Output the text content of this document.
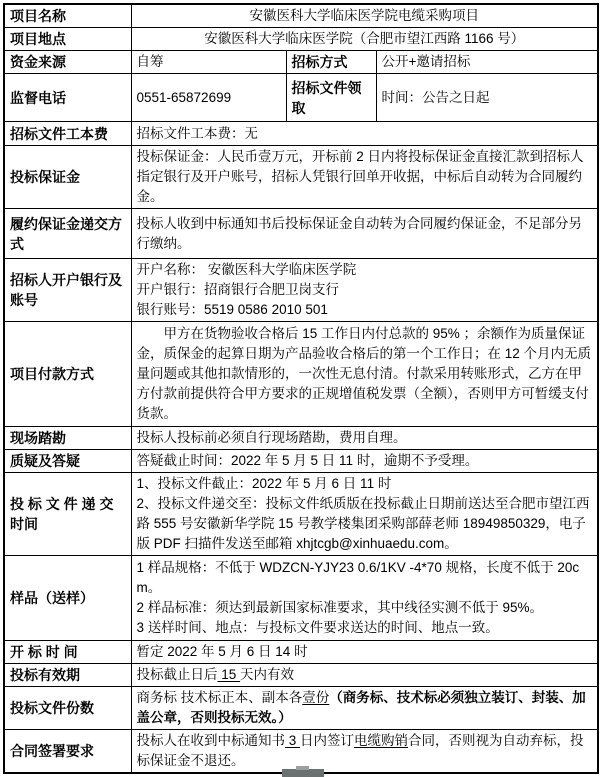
项目名称	安徽医科大学临床医学院电缆采购项目		
项目地点	安徽医科大学临床医学院（合肥市望江西路 1166 号）		
资金来源	自筹	招标方式	公开+邀请招标
监督电话	0551-65872699	招标文件领取	时间：公告之日起
招标文件工本费	招标文件工本费：无		
投标保证金	投标保证金：人民币壹万元，开标前 2 日内将投标保证金直接汇款到招标人指定银行及开户账号，招标人凭银行回单开收据，中标后自动转为合同履约金。		
履约保证金递交方式	投标人收到中标通知书后投标保证金自动转为合同履约保证金，不足部分另行缴纳。		
招标人开户银行及账号	开户名称： 安徽医科大学临床医学院
开户银行：招商银行合肥卫岗支行
银行账号：5519 0586 2010 501		

项目付款方式	甲方在货物验收合格后 15 工作日内付总款的 95% ；余额作为质量保证金，质保金的起算日期为产品验收合格后的第一个工作日；在 12 个月内无质量问题或其他扣款情形的，一次性无息付清。付款采用转账形式，乙方在甲方付款前提供符合甲方要求的正规增值税发票（全额），否则甲方可暂缓支付货款。		

现场踏勘	投标人投标前必须自行现场踏勘，费用自理。		
质疑及答疑	答疑截止时间：2022 年 5 月 5 日 11 时，逾期不予受理。		
投 标 文 件 递 交时间	1、投标文件截止：2022 年 5 月 6 日 11 时
2、投标文件递交至：投标文件纸质版在投标截止日期前送达至合肥市望江西路 555 号安徽新华学院 15 号教学楼集团采购部薛老师 18949850329，电子版 PDF 扫描件发送至邮箱 xhjtcgb@xinhuaedu.com。		

样品（送样）	1 样品规格：不低于 WDZCN-YJY23 0.6/1KV -4*70 规格，长度不低于 20cm。
2 样品标准：须达到最新国家标准要求，其中线径实测不低于 95%。
3 送样时间、地点：与投标文件要求送达的时间、地点一致。		

开 标 时 间	暂定 2022 年 5 月 6 日 14 时		
投标有效期	投标截止日后 15 天内有效		
投标文件份数	商务标 技术标正本、副本各壹份（商务标、技术标必须独立装订、封装、加盖公章，否则投标无效。）		
合同签署要求	投标人在收到中标通知书 3 日内签订电缆购销合同，否则视为自动弃标，投标保证金不退还。		
